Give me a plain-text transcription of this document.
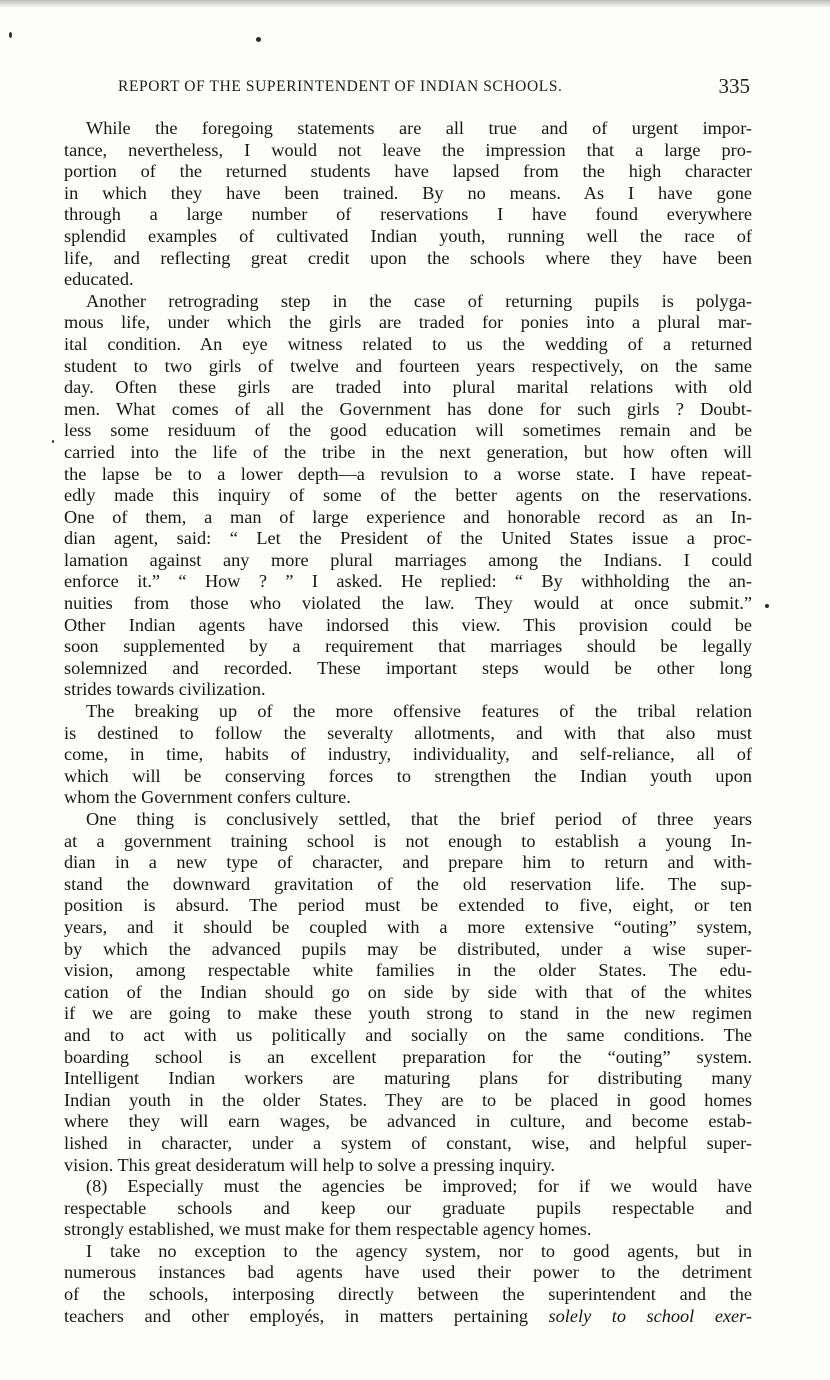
REPORT OF THE SUPERINTENDENT OF INDIAN SCHOOLS.	335
While the foregoing statements are all true and of urgent impor-
tance, nevertheless, I would not leave the impression that a large pro-
portion of the returned students have lapsed from the high character
in which they have been trained. By no means. As I have gone
through a large number of reservations I have found everywhere
splendid examples of cultivated Indian youth, running well the race of
life, and reflecting great credit upon the schools where they have been
educated.
Another retrograding step in the case of returning pupils is polyga-
mous life, under which the girls are traded for ponies into a plural mar-
ital condition. An eye witness related to us the wedding of a returned
student to two girls of twelve and fourteen years respectively, on the same
day. Often these girls are traded into plural marital relations with old
men. What comes of all the Government has done for such girls ? Doubt-
less some residuum of the good education will sometimes remain and be
carried into the life of the tribe in the next generation, but how often will
the lapse be to a lower depth—a revulsion to a worse state. I have repeat-
edly made this inquiry of some of the better agents on the reservations.
One of them, a man of large experience and honorable record as an In-
dian agent, said: “ Let the President of the United States issue a proc-
lamation against any more plural marriages among the Indians. I could
enforce it.” “ How ? ” I asked. He replied: “ By withholding the an-
nuities from those who violated the law. They would at once submit.”
Other Indian agents have indorsed this view. This provision could be
soon supplemented by a requirement that marriages should be legally
solemnized and recorded. These important steps would be other long
strides towards civilization.
The breaking up of the more offensive features of the tribal relation
is destined to follow the severalty allotments, and with that also must
come, in time, habits of industry, individuality, and self-reliance, all of
which will be conserving forces to strengthen the Indian youth upon
whom the Government confers culture.
One thing is conclusively settled, that the brief period of three years
at a government training school is not enough to establish a young In-
dian in a new type of character, and prepare him to return and with-
stand the downward gravitation of the old reservation life. The sup-
position is absurd. The period must be extended to five, eight, or ten
years, and it should be coupled with a more extensive “outing” system,
by which the advanced pupils may be distributed, under a wise super-
vision, among respectable white families in the older States. The edu-
cation of the Indian should go on side by side with that of the whites
if we are going to make these youth strong to stand in the new regimen
and to act with us politically and socially on the same conditions. The
boarding school is an excellent preparation for the “outing” system.
Intelligent Indian workers are maturing plans for distributing many
Indian youth in the older States. They are to be placed in good homes
where they will earn wages, be advanced in culture, and become estab-
lished in character, under a system of constant, wise, and helpful super-
vision. This great desideratum will help to solve a pressing inquiry.
(8) Especially must the agencies be improved; for if we would have
respectable schools and keep our graduate pupils respectable and
strongly established, we must make for them respectable agency homes.
I take no exception to the agency system, nor to good agents, but in
numerous instances bad agents have used their power to the detriment
of the schools, interposing directly between the superintendent and the
teachers and other employés, in matters pertaining solely to school exer-
